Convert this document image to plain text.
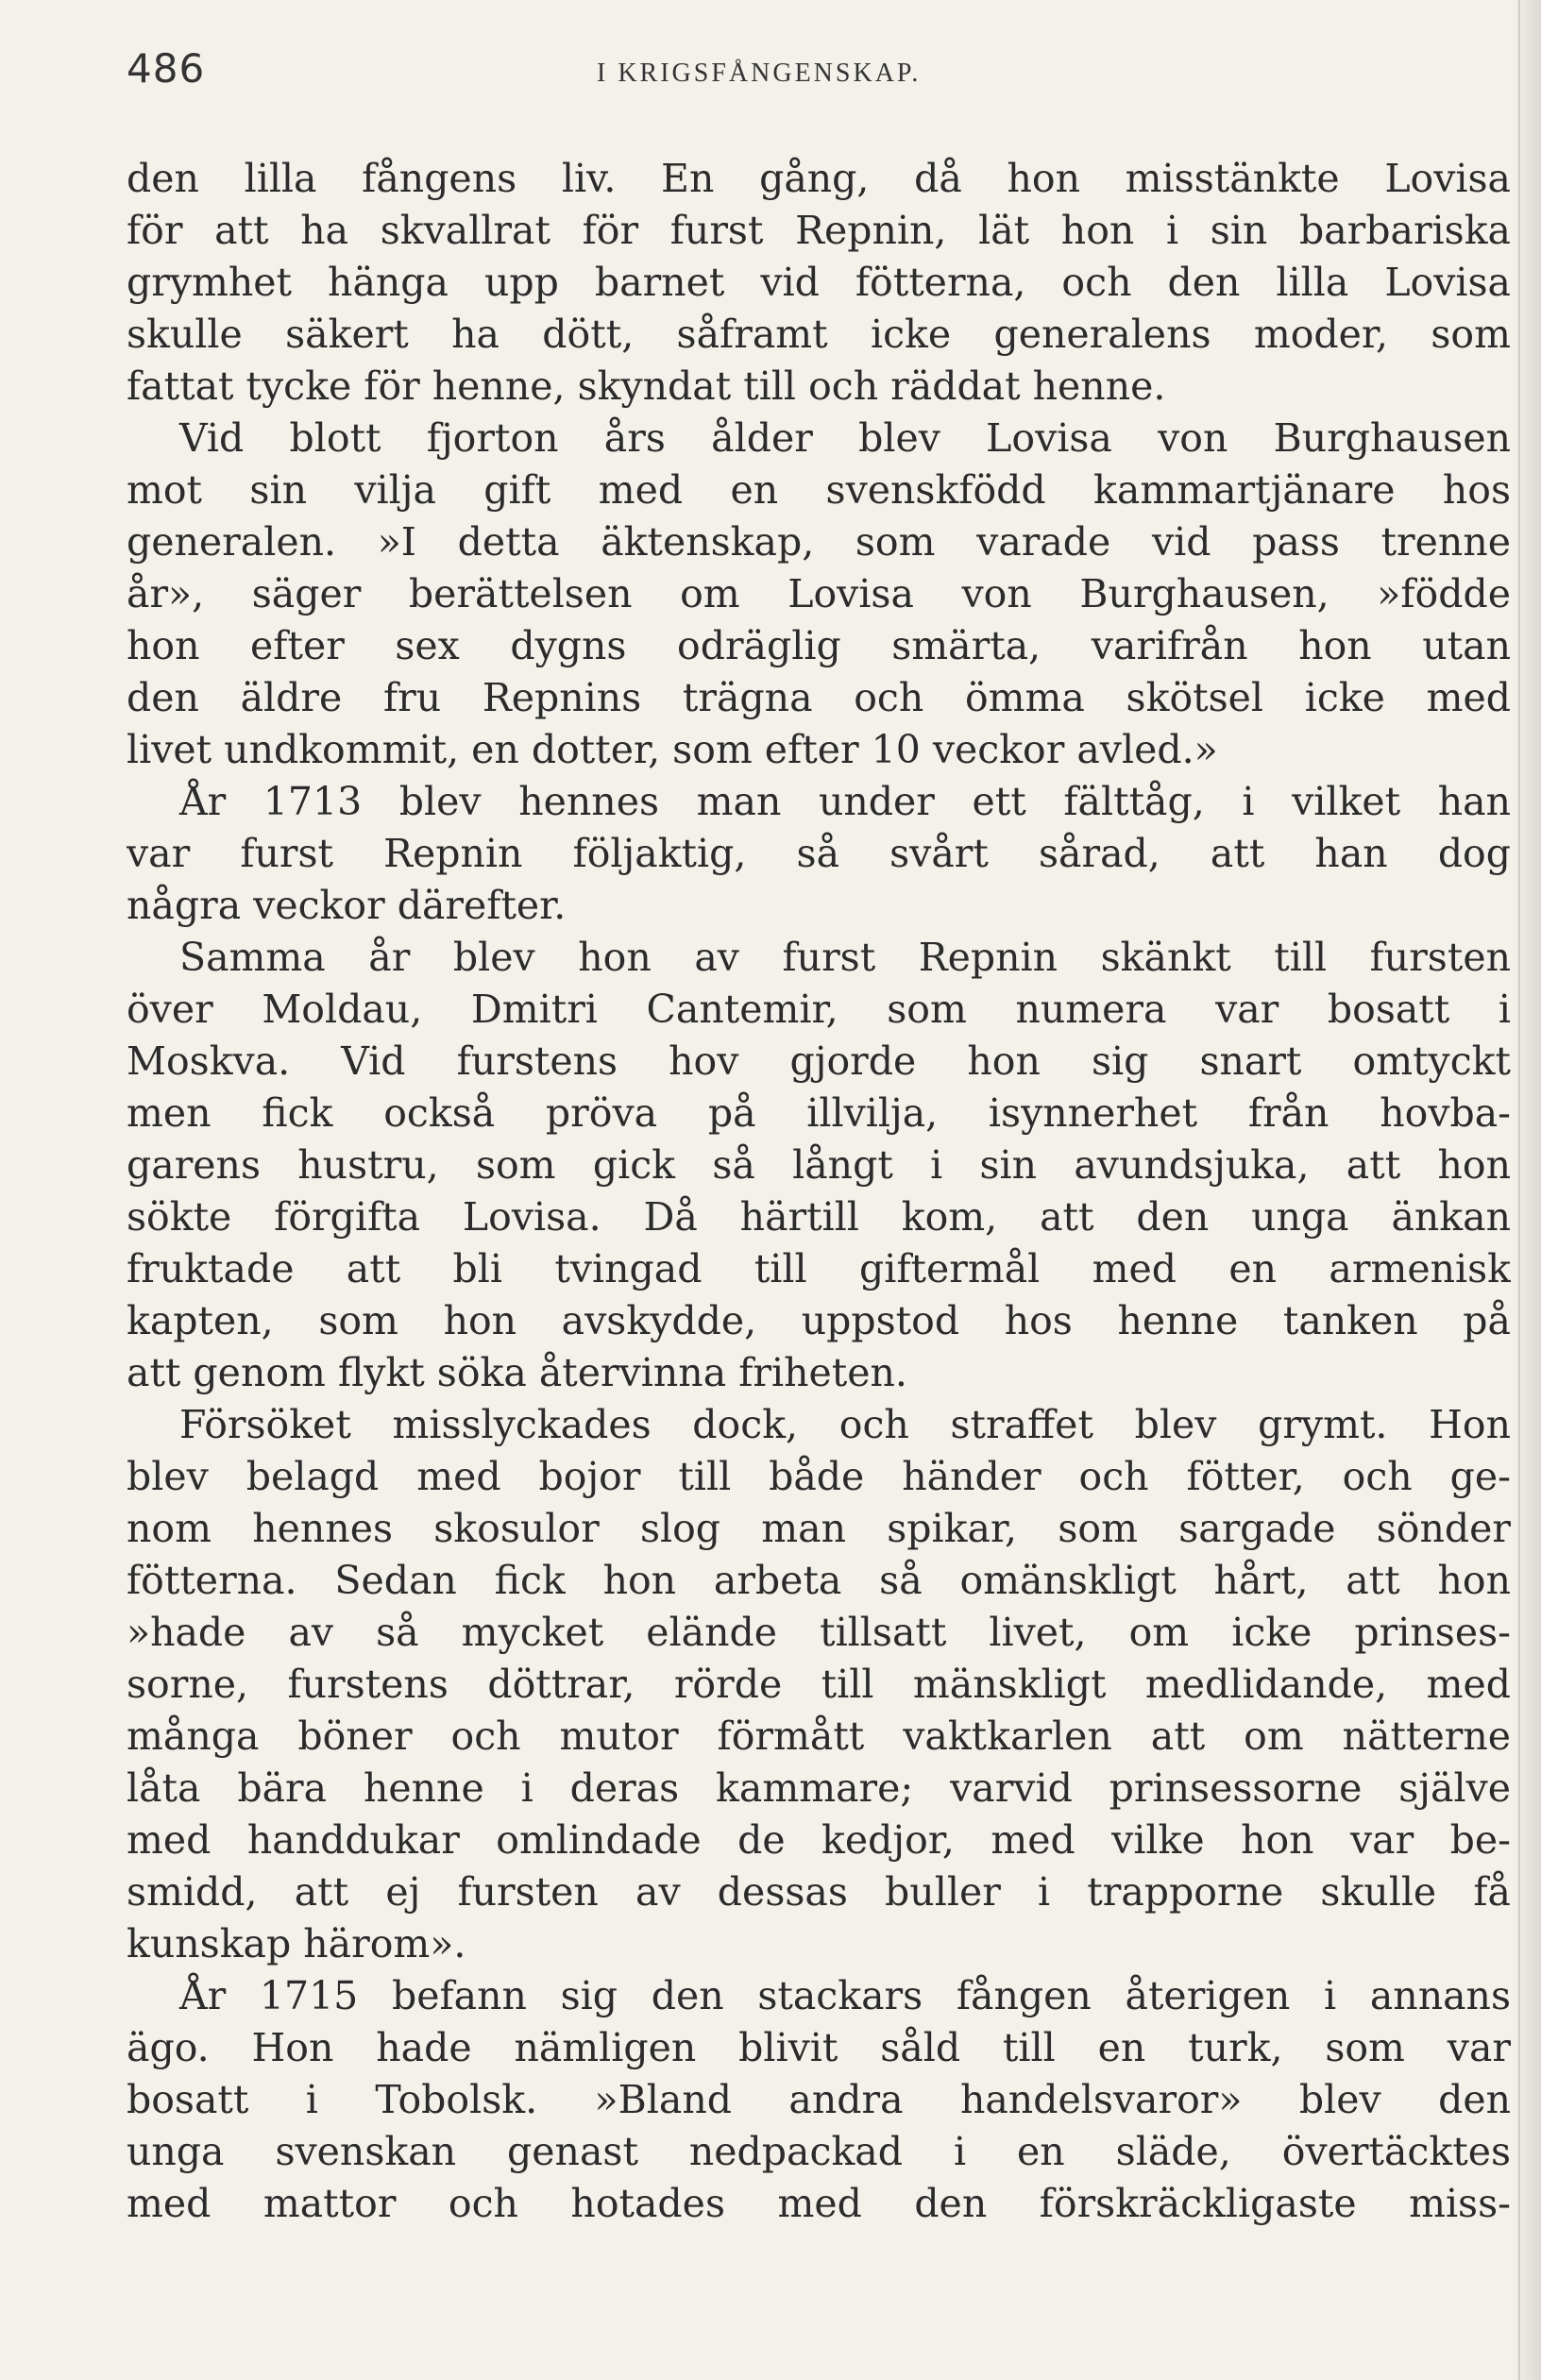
486	I KRIGSFÅNGENSKAP.
den lilla fångens liv. En gång, då hon misstänkte Lovisa
för att ha skvallrat för furst Repnin, lät hon i sin barbariska
grymhet hänga upp barnet vid fötterna, och den lilla Lovisa
skulle säkert ha dött, såframt icke generalens moder, som
fattat tycke för henne, skyndat till och räddat henne.
Vid blott fjorton års ålder blev Lovisa von Burghausen
mot sin vilja gift med en svenskfödd kammartjänare hos
generalen. »I detta äktenskap, som varade vid pass trenne
år», säger berättelsen om Lovisa von Burghausen, »födde
hon efter sex dygns odräglig smärta, varifrån hon utan
den äldre fru Repnins trägna och ömma skötsel icke med
livet undkommit, en dotter, som efter 10 veckor avled.»
År 1713 blev hennes man under ett fälttåg, i vilket han
var furst Repnin följaktig, så svårt sårad, att han dog
några veckor därefter.
Samma år blev hon av furst Repnin skänkt till fursten
över Moldau, Dmitri Cantemir, som numera var bosatt i
Moskva. Vid furstens hov gjorde hon sig snart omtyckt
men fick också pröva på illvilja, isynnerhet från hovba-
garens hustru, som gick så långt i sin avundsjuka, att hon
sökte förgifta Lovisa. Då härtill kom, att den unga änkan
fruktade att bli tvingad till giftermål med en armenisk
kapten, som hon avskydde, uppstod hos henne tanken på
att genom flykt söka återvinna friheten.
Försöket misslyckades dock, och straffet blev grymt. Hon
blev belagd med bojor till både händer och fötter, och ge-
nom hennes skosulor slog man spikar, som sargade sönder
fötterna. Sedan fick hon arbeta så omänskligt hårt, att hon
»hade av så mycket elände tillsatt livet, om icke prinses-
sorne, furstens döttrar, rörde till mänskligt medlidande, med
många böner och mutor förmått vaktkarlen att om nätterne
låta bära henne i deras kammare; varvid prinsessorne själve
med handdukar omlindade de kedjor, med vilke hon var be-
smidd, att ej fursten av dessas buller i trapporne skulle få
kunskap härom».
År 1715 befann sig den stackars fången återigen i annans
ägo. Hon hade nämligen blivit såld till en turk, som var
bosatt i Tobolsk. »Bland andra handelsvaror» blev den
unga svenskan genast nedpackad i en släde, övertäcktes
med mattor och hotades med den förskräckligaste miss-
